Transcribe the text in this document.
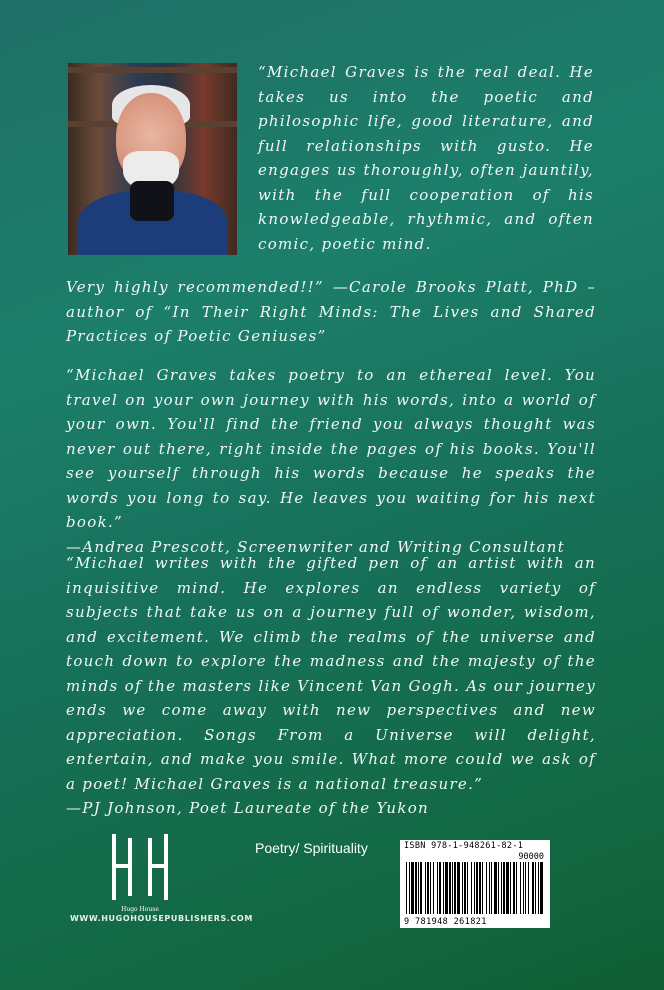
“Michael Graves is the real deal. He takes us into the poetic and philosophic life, good literature, and full relationships with gusto. He engages us thoroughly, often jauntily, with the full cooperation of his knowledgeable, rhythmic, and often comic, poetic mind.

Very highly recommended!!” —Carole Brooks Platt, PhD – author of “In Their Right Minds: The Lives and Shared Practices of Poetic Geniuses”

“Michael Graves takes poetry to an ethereal level. You travel on your own journey with his words, into a world of your own. You'll find the friend you always thought was never out there, right inside the pages of his books. You'll see yourself through his words because he speaks the words you long to say. He leaves you waiting for his next book.”
—Andrea Prescott, Screenwriter and Writing Consultant

“Michael writes with the gifted pen of an artist with an inquisitive mind. He explores an endless variety of subjects that take us on a journey full of wonder, wisdom, and excitement. We climb the realms of the universe and touch down to explore the madness and the majesty of the minds of the masters like Vincent Van Gogh. As our journey ends we come away with new perspectives and new appreciation. Songs From a Universe will delight, entertain, and make you smile. What more could we ask of a poet! Michael Graves is a national treasure.”
—PJ Johnson, Poet Laureate of the Yukon

Hugo House
WWW.HUGOHOUSEPUBLISHERS.COM
Poetry/ Spirituality	ISBN 978-1-948261-82-1
90000
9 781948 261821
